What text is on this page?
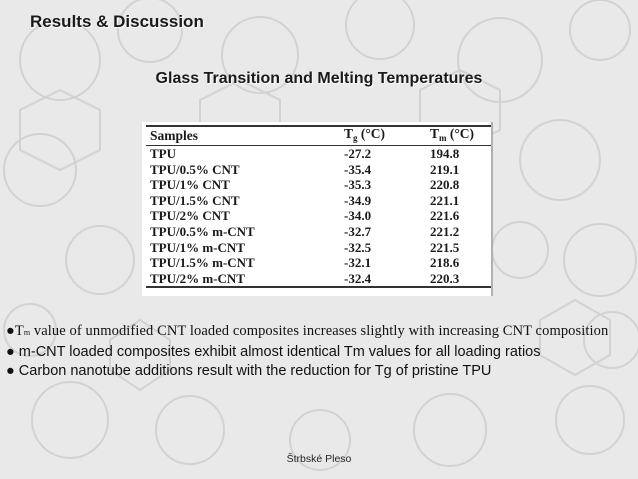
Results & Discussion
Glass Transition and Melting Temperatures
Samples	$T_g$ (°C)	$T_m$ (°C)
TPU	-27.2	194.8
TPU/0.5% CNT	-35.4	219.1
TPU/1% CNT	-35.3	220.8
TPU/1.5% CNT	-34.9	221.1
TPU/2% CNT	-34.0	221.6
TPU/0.5% m-CNT	-32.7	221.2
TPU/1% m-CNT	-32.5	221.5
TPU/1.5% m-CNT	-32.1	218.6
TPU/2% m-CNT	-32.4	220.3
●Tm value of unmodified CNT loaded composites increases slightly with increasing CNT composition
● m-CNT loaded composites exhibit almost identical Tm values for all loading ratios
● Carbon nanotube additions result with the reduction for Tg of pristine TPU
Štrbské Pleso
